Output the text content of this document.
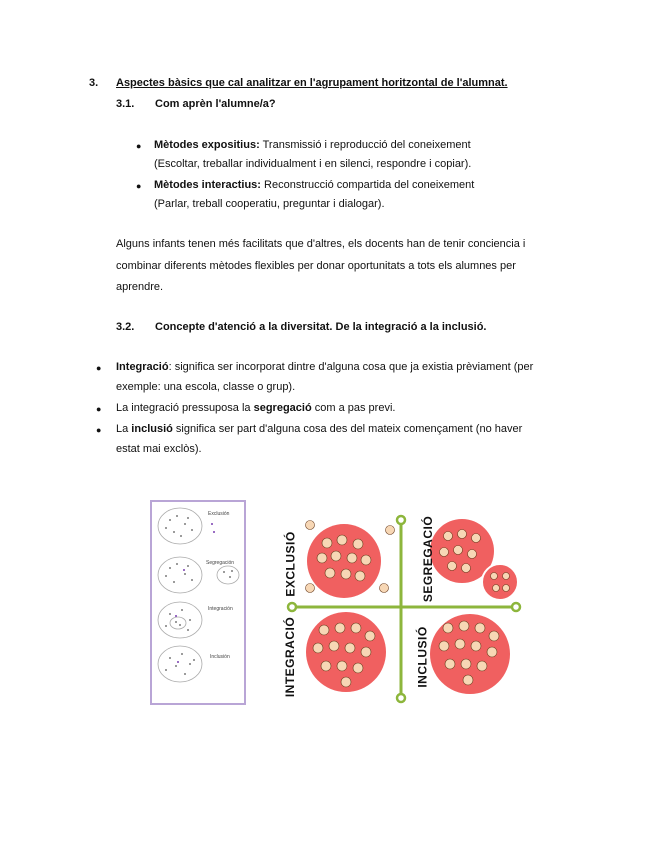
3. Aspectes bàsics que cal analitzar en l'agrupament horitzontal de l'alumnat.
3.1. Com aprèn l'alumne/a?
● Mètodes expositius: Transmissió i reproducció del coneixement
(Escoltar, treballar individualment i en silenci, respondre i copiar).
● Mètodes interactius: Reconstrucció compartida del coneixement
(Parlar, treball cooperatiu, preguntar i dialogar).
Alguns infants tenen més facilitats que d'altres, els docents han de tenir conciencia i
combinar diferents mètodes flexibles per donar oportunitats a tots els alumnes per
aprendre.
3.2. Concepte d'atenció a la diversitat. De la integració a la inclusió.
● Integració: significa ser incorporat dintre d'alguna cosa que ja existia prèviament (per
exemple: una escola, classe o grup).
● La integració pressuposa la segregació com a pas previ.
● La inclusió significa ser part d'alguna cosa des del mateix començament (no haver
estat mai exclòs).
Exclusión
Segregación
Integración
Inclusión
EXCLUSIÓ	SEGREGACIÓ
INTEGRACIÓ	INCLUSIÓ
